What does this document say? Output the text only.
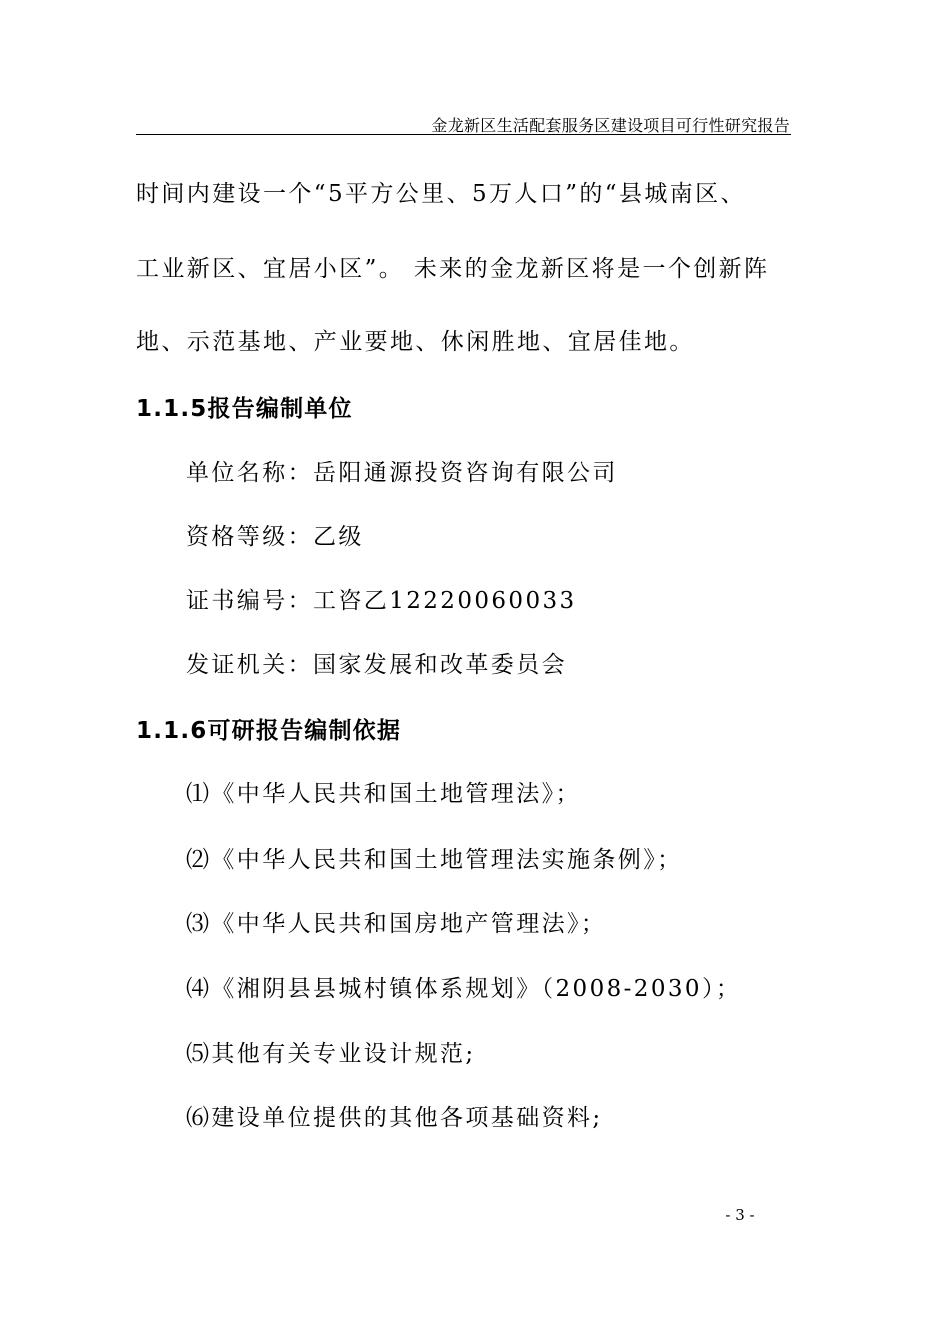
金龙新区生活配套服务区建设项目可行性研究报告
时间内建设一个“5平方公里、5万人口”的“县城南区、
工业新区、宜居小区”。 未来的金龙新区将是一个创新阵
地、示范基地、产业要地、休闲胜地、宜居佳地。
1.1.5报告编制单位
单位名称：岳阳通源投资咨询有限公司
资格等级：乙级
证书编号：工咨乙12220060033
发证机关：国家发展和改革委员会
1.1.6可研报告编制依据
⑴《中华人民共和国土地管理法》；
⑵《中华人民共和国土地管理法实施条例》；
⑶《中华人民共和国房地产管理法》；
⑷《湘阴县县城村镇体系规划》（2008-2030）；
⑸其他有关专业设计规范;
⑹建设单位提供的其他各项基础资料;
- 3 -
